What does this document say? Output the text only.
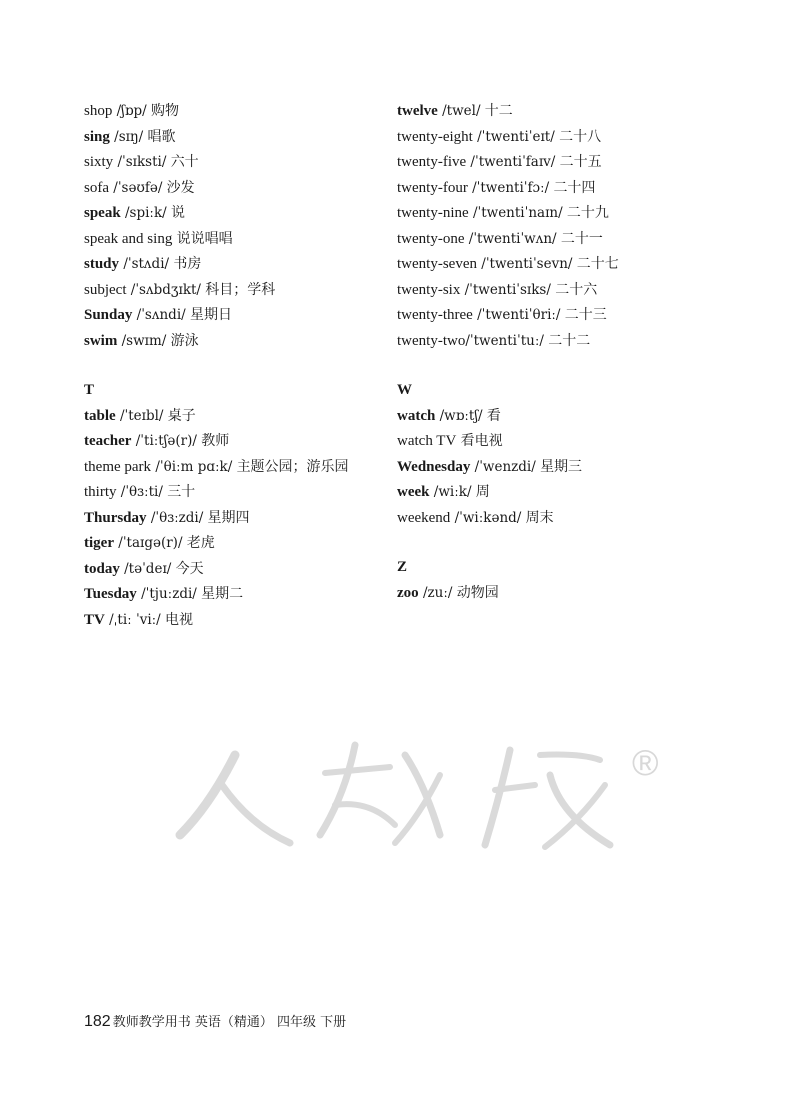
shop /ʃɒp/ 购物
sing /sɪŋ/ 唱歌
sixty /ˈsɪksti/ 六十
sofa /ˈsəʊfə/ 沙发
speak /spiːk/ 说
speak and sing 说说唱唱
study /ˈstʌdi/ 书房
subject /ˈsʌbdʒɪkt/ 科目；学科
Sunday /ˈsʌndi/ 星期日
swim /swɪm/ 游泳
T
table /ˈteɪbl/ 桌子
teacher /ˈtiːtʃə(r)/ 教师
theme park /ˈθiːm pɑːk/ 主题公园；游乐园
thirty /ˈθɜːti/ 三十
Thursday /ˈθɜːzdi/ 星期四
tiger /ˈtaɪgə(r)/ 老虎
today /təˈdeɪ/ 今天
Tuesday /ˈtjuːzdi/ 星期二
TV /ˌtiː ˈviː/ 电视
twelve /twel/ 十二
twenty-eight /ˈtwentiˈeɪt/ 二十八
twenty-five /ˈtwentiˈfaɪv/ 二十五
twenty-four /ˈtwentiˈfɔː/ 二十四
twenty-nine /ˈtwentiˈnaɪn/ 二十九
twenty-one /ˈtwentiˈwʌn/ 二十一
twenty-seven /ˈtwentiˈsevn/ 二十七
twenty-six /ˈtwentiˈsɪks/ 二十六
twenty-three /ˈtwentiˈθriː/ 二十三
twenty-two/ˈtwentiˈtuː/ 二十二
W
watch /wɒːtʃ/ 看
watch TV 看电视
Wednesday /ˈwenzdi/ 星期三
week /wiːk/ 周
weekend /ˈwiːkənd/ 周末
Z
zoo /zuː/ 动物园
®
182 教师教学用书 英语（精通） 四年级 下册
